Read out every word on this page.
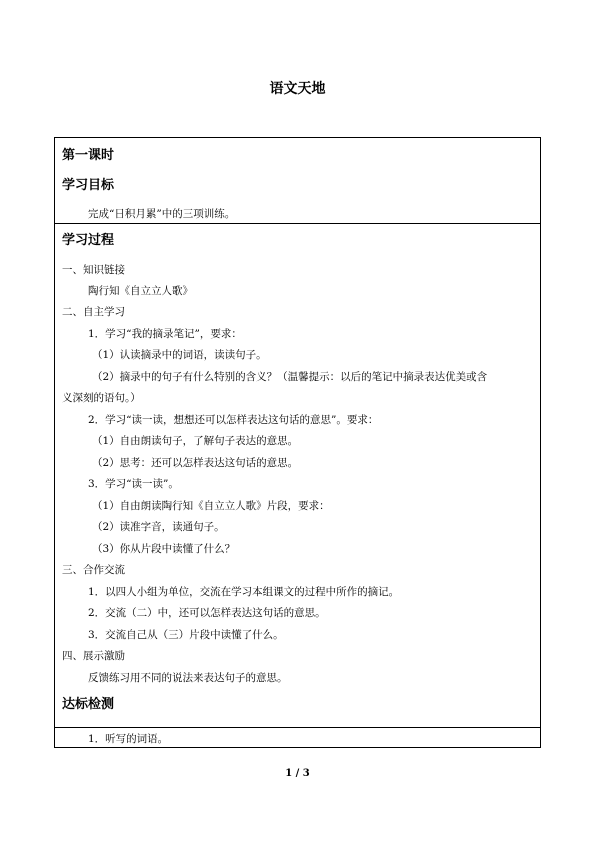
语文天地
第一课时
学习目标
完成“日积月累”中的三项训练。
学习过程
一、知识链接
陶行知《自立立人歌》
二、自主学习
1．学习“我的摘录笔记”，要求：
（1）认读摘录中的词语，读读句子。
（2）摘录中的句子有什么特别的含义？（温馨提示：以后的笔记中摘录表达优美或含
义深刻的语句。）
2．学习“读一读，想想还可以怎样表达这句话的意思”。要求：
（1）自由朗读句子，了解句子表达的意思。
（2）思考：还可以怎样表达这句话的意思。
3．学习“读一读”。
（1）自由朗读陶行知《自立立人歌》片段，要求：
（2）读准字音，读通句子。
（3）你从片段中读懂了什么？
三、合作交流
1．以四人小组为单位，交流在学习本组课文的过程中所作的摘记。
2．交流（二）中，还可以怎样表达这句话的意思。
3．交流自己从（三）片段中读懂了什么。
四、展示激励
反馈练习用不同的说法来表达句子的意思。
达标检测
1．听写的词语。
1 / 3
